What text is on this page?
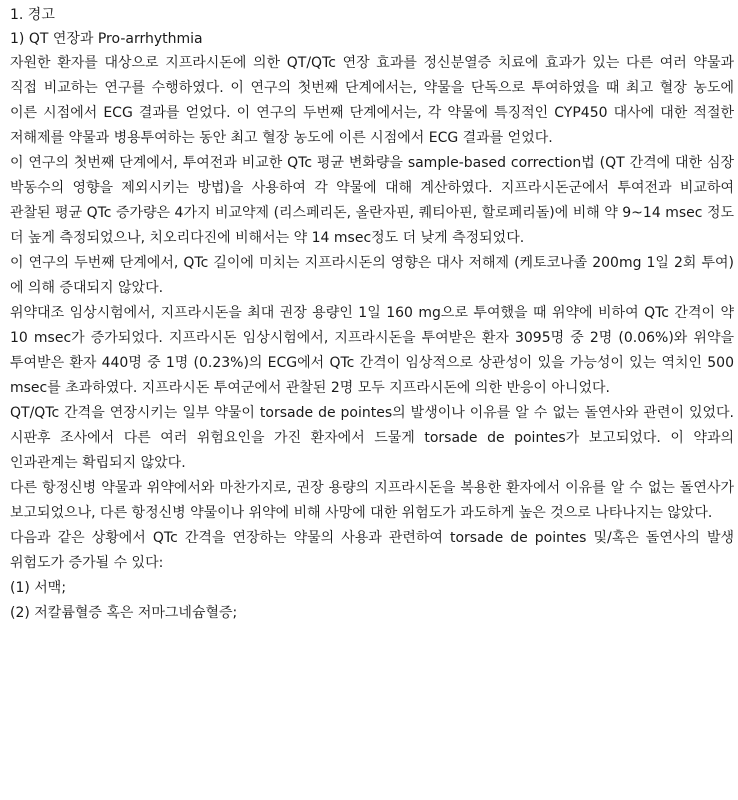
1. 경고
1) QT 연장과 Pro-arrhythmia

자원한 환자를 대상으로 지프라시돈에 의한 QT/QTc 연장 효과를 정신분열증 치료에 효과가 있는 다른 여러 약물과 직접 비교하는 연구를 수행하였다. 이 연구의 첫번째 단계에서는, 약물을 단독으로 투여하였을 때 최고 혈장 농도에 이른 시점에서 ECG 결과를 얻었다. 이 연구의 두번째 단계에서는, 각 약물에 특징적인 CYP450 대사에 대한 적절한 저해제를 약물과 병용투여하는 동안 최고 혈장 농도에 이른 시점에서 ECG 결과를 얻었다.

이 연구의 첫번째 단계에서, 투여전과 비교한 QTc 평균 변화량을 sample-based correction법 (QT 간격에 대한 심장 박동수의 영향을 제외시키는 방법)을 사용하여 각 약물에 대해 계산하였다. 지프라시돈군에서 투여전과 비교하여 관찰된 평균 QTc 증가량은 4가지 비교약제 (리스페리돈, 올란자핀, 퀘티아핀, 할로페리돌)에 비해 약 9~14 msec 정도 더 높게 측정되었으나, 치오리다진에 비해서는 약 14 msec정도 더 낮게 측정되었다.

이 연구의 두번째 단계에서, QTc 길이에 미치는 지프라시돈의 영향은 대사 저해제 (케토코나졸 200mg 1일 2회 투여)에 의해 증대되지 않았다.

위약대조 임상시험에서, 지프라시돈을 최대 권장 용량인 1일 160 mg으로 투여했을 때 위약에 비하여 QTc 간격이 약 10 msec가 증가되었다. 지프라시돈 임상시험에서, 지프라시돈을 투여받은 환자 3095명 중 2명 (0.06%)와 위약을 투여받은 환자 440명 중 1명 (0.23%)의 ECG에서 QTc 간격이 임상적으로 상관성이 있을 가능성이 있는 역치인 500 msec를 초과하였다. 지프라시돈 투여군에서 관찰된 2명 모두 지프라시돈에 의한 반응이 아니었다.

QT/QTc 간격을 연장시키는 일부 약물이 torsade de pointes의 발생이나 이유를 알 수 없는 돌연사와 관련이 있었다. 시판후 조사에서 다른 여러 위험요인을 가진 환자에서 드물게 torsade de pointes가 보고되었다. 이 약과의 인과관계는 확립되지 않았다.

다른 항정신병 약물과 위약에서와 마찬가지로, 권장 용량의 지프라시돈을 복용한 환자에서 이유를 알 수 없는 돌연사가 보고되었으나, 다른 항정신병 약물이나 위약에 비해 사망에 대한 위험도가 과도하게 높은 것으로 나타나지는 않았다.

다음과 같은 상황에서 QTc 간격을 연장하는 약물의 사용과 관련하여 torsade de pointes 및/혹은 돌연사의 발생 위험도가 증가될 수 있다:

(1) 서맥;

(2) 저칼륨혈증 혹은 저마그네슘혈증;
